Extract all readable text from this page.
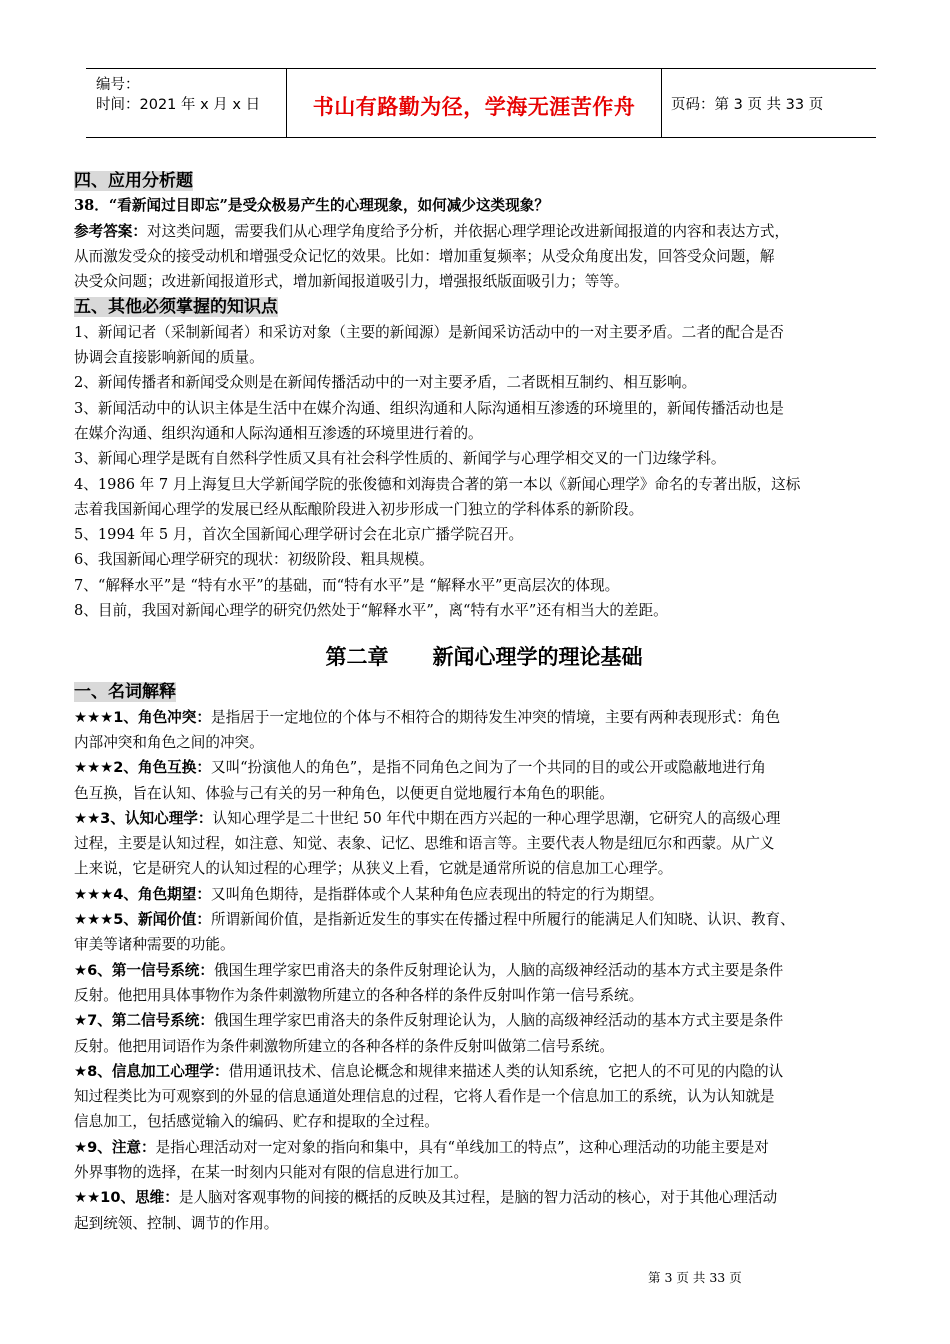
编号：
时间：2021 年 x 月 x 日	书山有路勤为径，学海无涯苦作舟	页码：第 3 页 共 33 页
四、应用分析题
38．“看新闻过目即忘”是受众极易产生的心理现象，如何减少这类现象？
参考答案：对这类问题，需要我们从心理学角度给予分析，并依据心理学理论改进新闻报道的内容和表达方式，
从而激发受众的接受动机和增强受众记忆的效果。比如：增加重复频率；从受众角度出发，回答受众问题，解
决受众问题；改进新闻报道形式，增加新闻报道吸引力，增强报纸版面吸引力；等等。
五、其他必须掌握的知识点
1、新闻记者（采制新闻者）和采访对象（主要的新闻源）是新闻采访活动中的一对主要矛盾。二者的配合是否
协调会直接影响新闻的质量。
2、新闻传播者和新闻受众则是在新闻传播活动中的一对主要矛盾，二者既相互制约、相互影响。
3、新闻活动中的认识主体是生活中在媒介沟通、组织沟通和人际沟通相互渗透的环境里的，新闻传播活动也是
在媒介沟通、组织沟通和人际沟通相互渗透的环境里进行着的。
3、新闻心理学是既有自然科学性质又具有社会科学性质的、新闻学与心理学相交叉的一门边缘学科。
4、1986 年 7 月上海复旦大学新闻学院的张俊德和刘海贵合著的第一本以《新闻心理学》命名的专著出版，这标
志着我国新闻心理学的发展已经从酝酿阶段进入初步形成一门独立的学科体系的新阶段。
5、1994 年 5 月，首次全国新闻心理学研讨会在北京广播学院召开。
6、我国新闻心理学研究的现状：初级阶段、粗具规模。
7、“解释水平”是 “特有水平”的基础，而“特有水平”是 “解释水平”更高层次的体现。
8、目前，我国对新闻心理学的研究仍然处于“解释水平”，离“特有水平”还有相当大的差距。
第二章 新闻心理学的理论基础
一、名词解释
★★★1、角色冲突：是指居于一定地位的个体与不相符合的期待发生冲突的情境，主要有两种表现形式：角色
内部冲突和角色之间的冲突。
★★★2、角色互换：又叫“扮演他人的角色”，是指不同角色之间为了一个共同的目的或公开或隐蔽地进行角
色互换，旨在认知、体验与己有关的另一种角色，以便更自觉地履行本角色的职能。
★★3、认知心理学：认知心理学是二十世纪 50 年代中期在西方兴起的一种心理学思潮，它研究人的高级心理
过程，主要是认知过程，如注意、知觉、表象、记忆、思维和语言等。主要代表人物是纽厄尔和西蒙。从广义
上来说，它是研究人的认知过程的心理学；从狭义上看，它就是通常所说的信息加工心理学。
★★★4、角色期望：又叫角色期待，是指群体或个人某种角色应表现出的特定的行为期望。
★★★5、新闻价值：所谓新闻价值，是指新近发生的事实在传播过程中所履行的能满足人们知晓、认识、教育、
审美等诸种需要的功能。
★6、第一信号系统：俄国生理学家巴甫洛夫的条件反射理论认为，人脑的高级神经活动的基本方式主要是条件
反射。他把用具体事物作为条件刺激物所建立的各种各样的条件反射叫作第一信号系统。
★7、第二信号系统：俄国生理学家巴甫洛夫的条件反射理论认为，人脑的高级神经活动的基本方式主要是条件
反射。他把用词语作为条件刺激物所建立的各种各样的条件反射叫做第二信号系统。
★8、信息加工心理学：借用通讯技术、信息论概念和规律来描述人类的认知系统，它把人的不可见的内隐的认
知过程类比为可观察到的外显的信息通道处理信息的过程，它将人看作是一个信息加工的系统，认为认知就是
信息加工，包括感觉输入的编码、贮存和提取的全过程。
★9、注意：是指心理活动对一定对象的指向和集中，具有“单线加工的特点”，这种心理活动的功能主要是对
外界事物的选择，在某一时刻内只能对有限的信息进行加工。
★★10、思维：是人脑对客观事物的间接的概括的反映及其过程，是脑的智力活动的核心，对于其他心理活动
起到统领、控制、调节的作用。
第 3 页 共 33 页
